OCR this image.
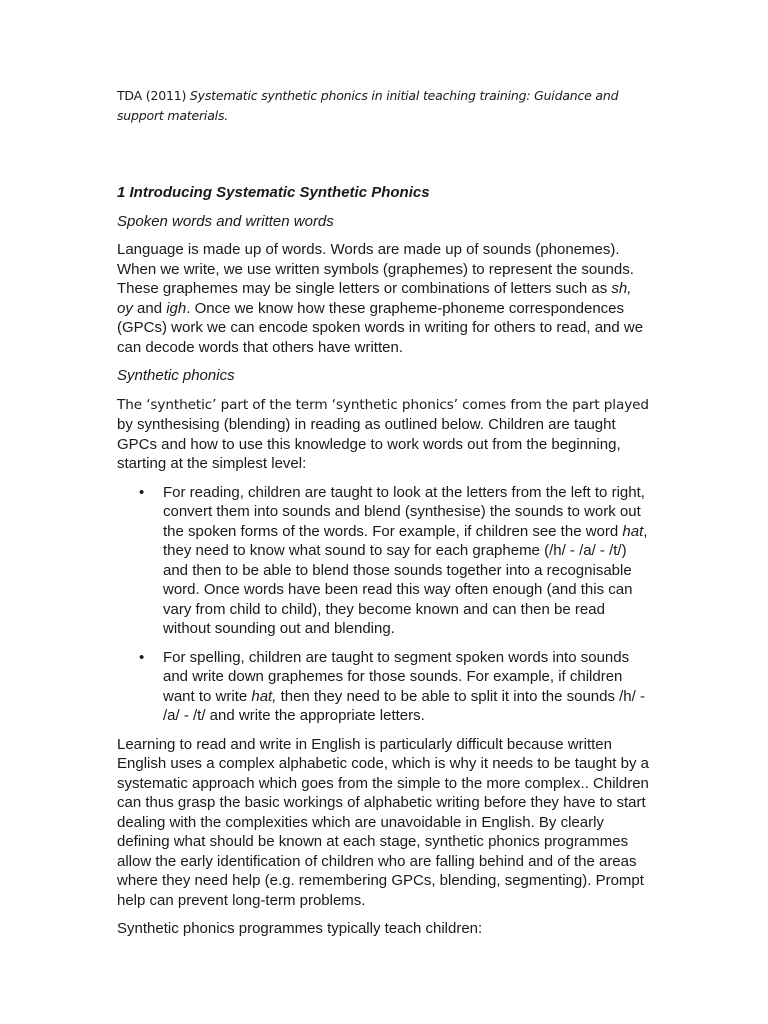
TDA (2011) Systematic synthetic phonics in initial teaching training: Guidance and support materials.

1 Introducing Systematic Synthetic Phonics

Spoken words and written words

Language is made up of words. Words are made up of sounds (phonemes). When we write, we use written symbols (graphemes) to represent the sounds. These graphemes may be single letters or combinations of letters such as sh, oy and igh. Once we know how these grapheme-phoneme correspondences (GPCs) work we can encode spoken words in writing for others to read, and we can decode words that others have written.

Synthetic phonics

The ‘synthetic’ part of the term ‘synthetic phonics’ comes from the part played by synthesising (blending) in reading as outlined below. Children are taught GPCs and how to use this knowledge to work words out from the beginning, starting at the simplest level:

• For reading, children are taught to look at the letters from the left to right, convert them into sounds and blend (synthesise) the sounds to work out the spoken forms of the words. For example, if children see the word hat, they need to know what sound to say for each grapheme (/h/ - /a/ - /t/) and then to be able to blend those sounds together into a recognisable word. Once words have been read this way often enough (and this can vary from child to child), they become known and can then be read without sounding out and blending.
• For spelling, children are taught to segment spoken words into sounds and write down graphemes for those sounds. For example, if children want to write hat, then they need to be able to split it into the sounds /h/ - /a/ - /t/ and write the appropriate letters.

Learning to read and write in English is particularly difficult because written English uses a complex alphabetic code, which is why it needs to be taught by a systematic approach which goes from the simple to the more complex.. Children can thus grasp the basic workings of alphabetic writing before they have to start dealing with the complexities which are unavoidable in English. By clearly defining what should be known at each stage, synthetic phonics programmes allow the early identification of children who are falling behind and of the areas where they need help (e.g. remembering GPCs, blending, segmenting). Prompt help can prevent long-term problems.

Synthetic phonics programmes typically teach children:
